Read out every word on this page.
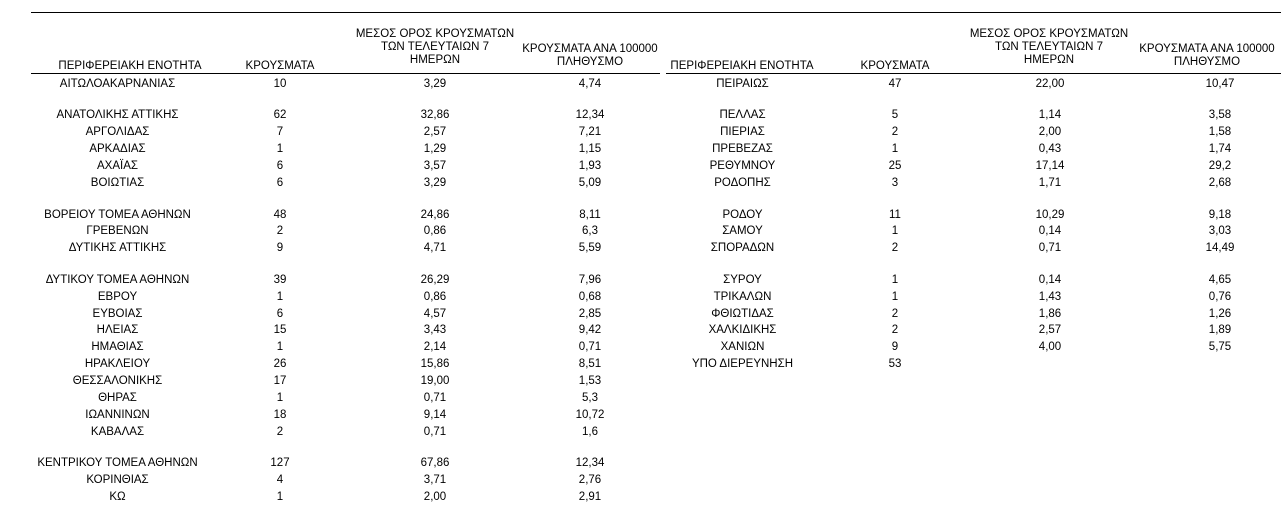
ΠΕΡΙΦΕΡΕΙΑΚΗ ΕΝΟΤΗΤΑ	ΚΡΟΥΣΜΑΤΑ
ΜΕΣΟΣ ΟΡΟΣ ΚΡΟΥΣΜΑΤΩΝ
ΤΩΝ ΤΕΛΕΥΤΑΙΩΝ 7
ΗΜΕΡΩΝ
ΚΡΟΥΣΜΑΤΑ ΑΝΑ 100000
ΠΛΗΘΥΣΜΟ
ΑΙΤΩΛΟΑΚΑΡΝΑΝΙΑΣ	10	3,29	4,74
ΑΝΑΤΟΛΙΚΗΣ ΑΤΤΙΚΗΣ	62	32,86	12,34
ΑΡΓΟΛΙΔΑΣ	7	2,57	7,21
ΑΡΚΑΔΙΑΣ	1	1,29	1,15
ΑΧΑΪΑΣ	6	3,57	1,93
ΒΟΙΩΤΙΑΣ	6	3,29	5,09
ΒΟΡΕΙΟΥ ΤΟΜΕΑ ΑΘΗΝΩΝ	48	24,86	8,11
ΓΡΕΒΕΝΩΝ	2	0,86	6,3
ΔΥΤΙΚΗΣ ΑΤΤΙΚΗΣ	9	4,71	5,59
ΔΥΤΙΚΟΥ ΤΟΜΕΑ ΑΘΗΝΩΝ	39	26,29	7,96
ΕΒΡΟΥ	1	0,86	0,68
ΕΥΒΟΙΑΣ	6	4,57	2,85
ΗΛΕΙΑΣ	15	3,43	9,42
ΗΜΑΘΙΑΣ	1	2,14	0,71
ΗΡΑΚΛΕΙΟΥ	26	15,86	8,51
ΘΕΣΣΑΛΟΝΙΚΗΣ	17	19,00	1,53
ΘΗΡΑΣ	1	0,71	5,3
ΙΩΑΝΝΙΝΩΝ	18	9,14	10,72
ΚΑΒΑΛΑΣ	2	0,71	1,6
ΚΕΝΤΡΙΚΟΥ ΤΟΜΕΑ ΑΘΗΝΩΝ	127	67,86	12,34
ΚΟΡΙΝΘΙΑΣ	4	3,71	2,76
ΚΩ	1	2,00	2,91
ΠΕΡΙΦΕΡΕΙΑΚΗ ΕΝΟΤΗΤΑ	ΚΡΟΥΣΜΑΤΑ
ΜΕΣΟΣ ΟΡΟΣ ΚΡΟΥΣΜΑΤΩΝ
ΤΩΝ ΤΕΛΕΥΤΑΙΩΝ 7
ΗΜΕΡΩΝ
ΚΡΟΥΣΜΑΤΑ ΑΝΑ 100000
ΠΛΗΘΥΣΜΟ
ΠΕΙΡΑΙΩΣ	47	22,00	10,47
ΠΕΛΛΑΣ	5	1,14	3,58
ΠΙΕΡΙΑΣ	2	2,00	1,58
ΠΡΕΒΕΖΑΣ	1	0,43	1,74
ΡΕΘΥΜΝΟΥ	25	17,14	29,2
ΡΟΔΟΠΗΣ	3	1,71	2,68
ΡΟΔΟΥ	11	10,29	9,18
ΣΑΜΟΥ	1	0,14	3,03
ΣΠΟΡΑΔΩΝ	2	0,71	14,49
ΣΥΡΟΥ	1	0,14	4,65
ΤΡΙΚΑΛΩΝ	1	1,43	0,76
ΦΘΙΩΤΙΔΑΣ	2	1,86	1,26
ΧΑΛΚΙΔΙΚΗΣ	2	2,57	1,89
ΧΑΝΙΩΝ	9	4,00	5,75
ΥΠΟ ΔΙΕΡΕΥΝΗΣΗ	53
